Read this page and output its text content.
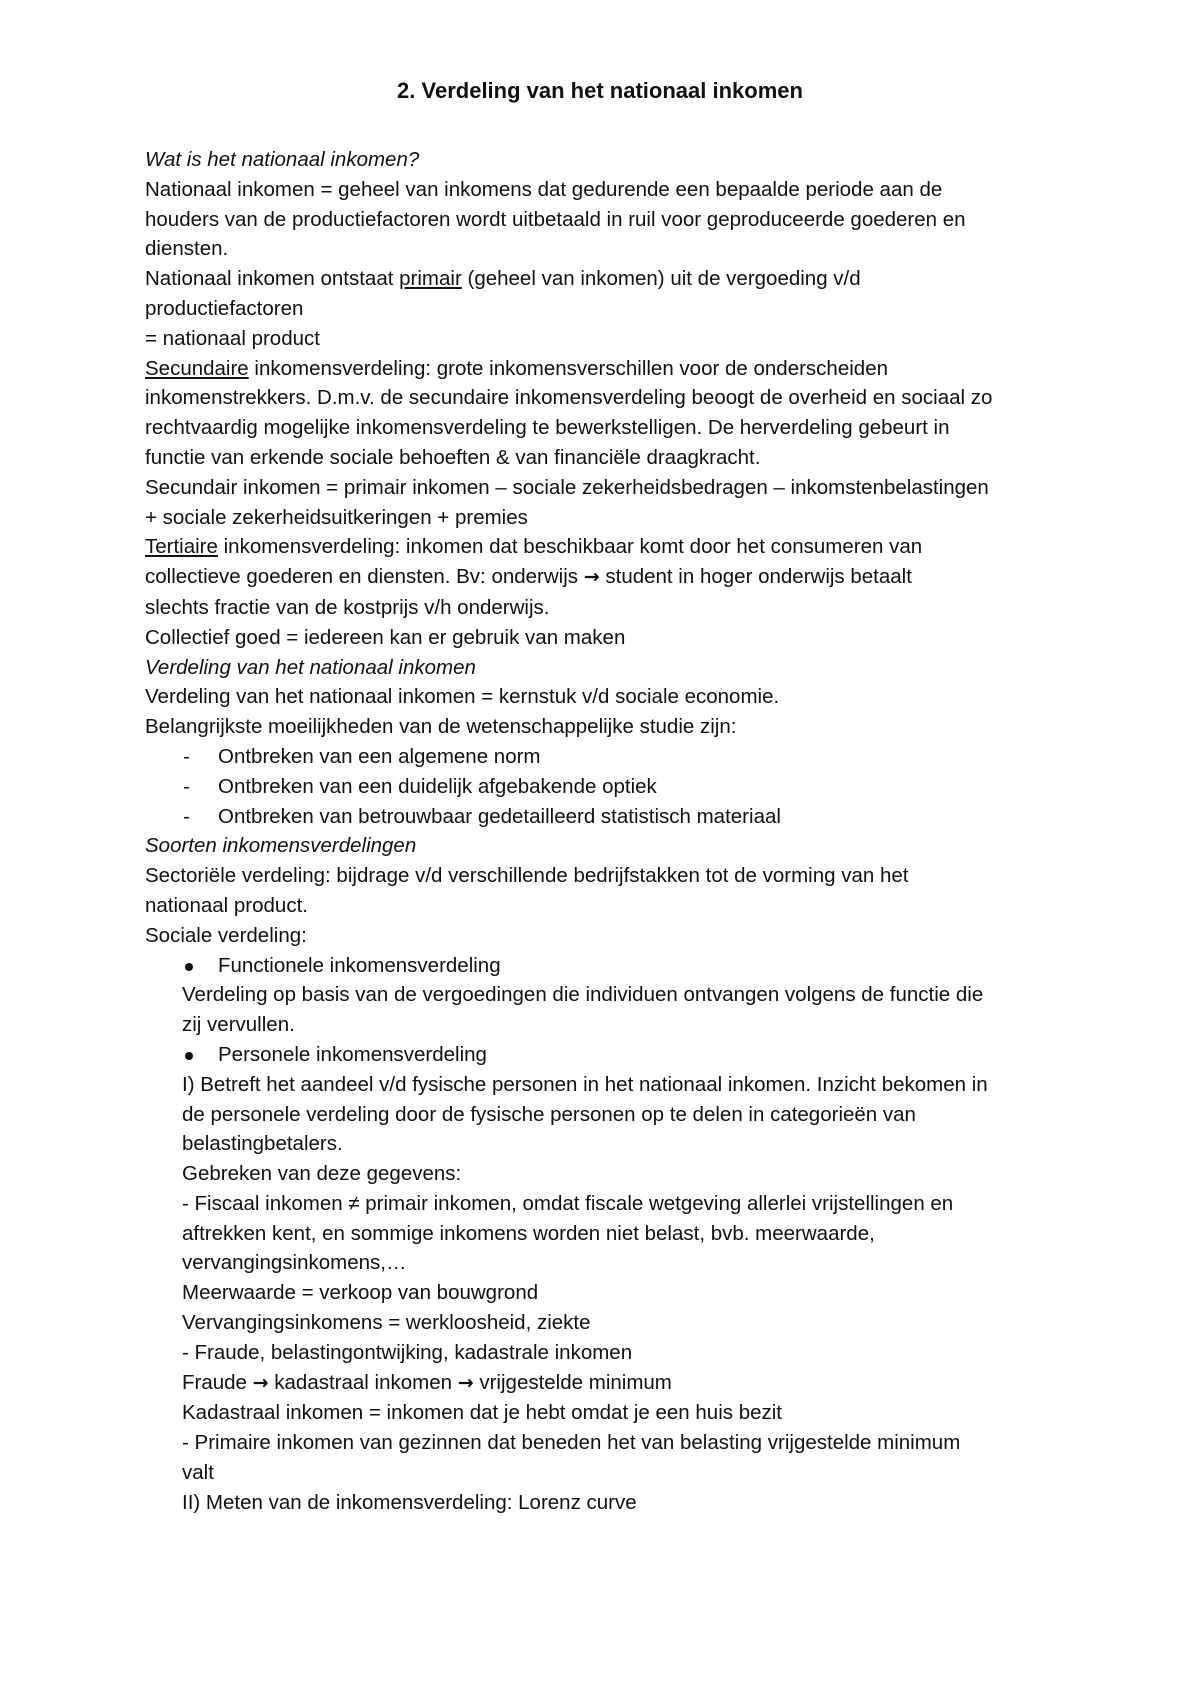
2. Verdeling van het nationaal inkomen
Wat is het nationaal inkomen?
Nationaal inkomen = geheel van inkomens dat gedurende een bepaalde periode aan de
houders van de productiefactoren wordt uitbetaald in ruil voor geproduceerde goederen en
diensten.
Nationaal inkomen ontstaat primair (geheel van inkomen) uit de vergoeding v/d
productiefactoren
= nationaal product
Secundaire inkomensverdeling: grote inkomensverschillen voor de onderscheiden
inkomenstrekkers. D.m.v. de secundaire inkomensverdeling beoogt de overheid en sociaal zo
rechtvaardig mogelijke inkomensverdeling te bewerkstelligen. De herverdeling gebeurt in
functie van erkende sociale behoeften & van financiële draagkracht.
Secundair inkomen = primair inkomen – sociale zekerheidsbedragen – inkomstenbelastingen
+ sociale zekerheidsuitkeringen + premies
Tertiaire inkomensverdeling: inkomen dat beschikbaar komt door het consumeren van
collectieve goederen en diensten. Bv: onderwijs → student in hoger onderwijs betaalt
slechts fractie van de kostprijs v/h onderwijs.
Collectief goed = iedereen kan er gebruik van maken
Verdeling van het nationaal inkomen
Verdeling van het nationaal inkomen = kernstuk v/d sociale economie.
Belangrijkste moeilijkheden van de wetenschappelijke studie zijn:
- Ontbreken van een algemene norm
- Ontbreken van een duidelijk afgebakende optiek
- Ontbreken van betrouwbaar gedetailleerd statistisch materiaal
Soorten inkomensverdelingen
Sectoriële verdeling: bijdrage v/d verschillende bedrijfstakken tot de vorming van het
nationaal product.
Sociale verdeling:
Functionele inkomensverdeling
Verdeling op basis van de vergoedingen die individuen ontvangen volgens de functie die
zij vervullen.
Personele inkomensverdeling
I) Betreft het aandeel v/d fysische personen in het nationaal inkomen. Inzicht bekomen in
de personele verdeling door de fysische personen op te delen in categorieën van
belastingbetalers.
Gebreken van deze gegevens:
- Fiscaal inkomen ≠ primair inkomen, omdat fiscale wetgeving allerlei vrijstellingen en
aftrekken kent, en sommige inkomens worden niet belast, bvb. meerwaarde,
vervangingsinkomens,…
Meerwaarde = verkoop van bouwgrond
Vervangingsinkomens = werkloosheid, ziekte
- Fraude, belastingontwijking, kadastrale inkomen
Fraude → kadastraal inkomen → vrijgestelde minimum
Kadastraal inkomen = inkomen dat je hebt omdat je een huis bezit
- Primaire inkomen van gezinnen dat beneden het van belasting vrijgestelde minimum
valt
II) Meten van de inkomensverdeling: Lorenz curve
